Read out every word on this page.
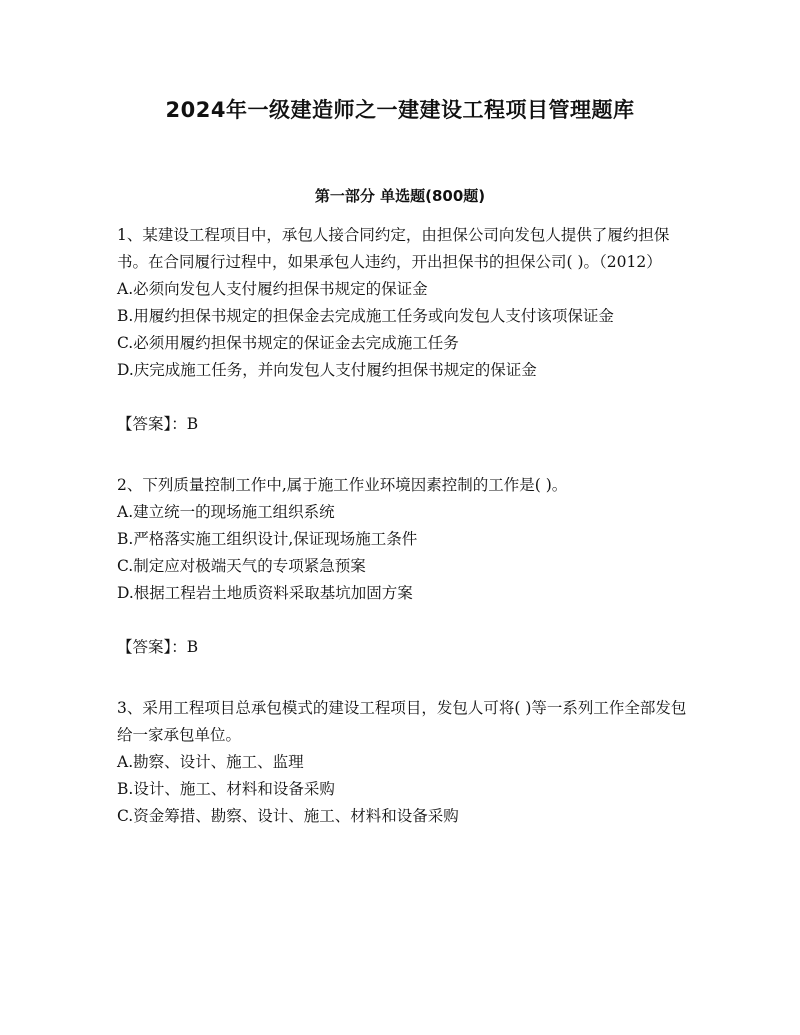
2024年一级建造师之一建建设工程项目管理题库
第一部分 单选题(800题)

1、某建设工程项目中，承包人接合同约定，由担保公司向发包人提供了履约担保书。在合同履行过程中，如果承包人违约，开出担保书的担保公司( )。（2012）

A.必须向发包人支付履约担保书规定的保证金

B.用履约担保书规定的担保金去完成施工任务或向发包人支付该项保证金

C.必须用履约担保书规定的保证金去完成施工任务

D.庆完成施工任务，并向发包人支付履约担保书规定的保证金

【答案】：B

2、下列质量控制工作中,属于施工作业环境因素控制的工作是( )。

A.建立统一的现场施工组织系统

B.严格落实施工组织设计,保证现场施工条件

C.制定应对极端天气的专项紧急预案

D.根据工程岩土地质资料采取基坑加固方案

【答案】：B

3、采用工程项目总承包模式的建设工程项目，发包人可将( )等一系列工作全部发包给一家承包单位。

A.勘察、设计、施工、监理

B.设计、施工、材料和设备采购

C.资金筹措、勘察、设计、施工、材料和设备采购
